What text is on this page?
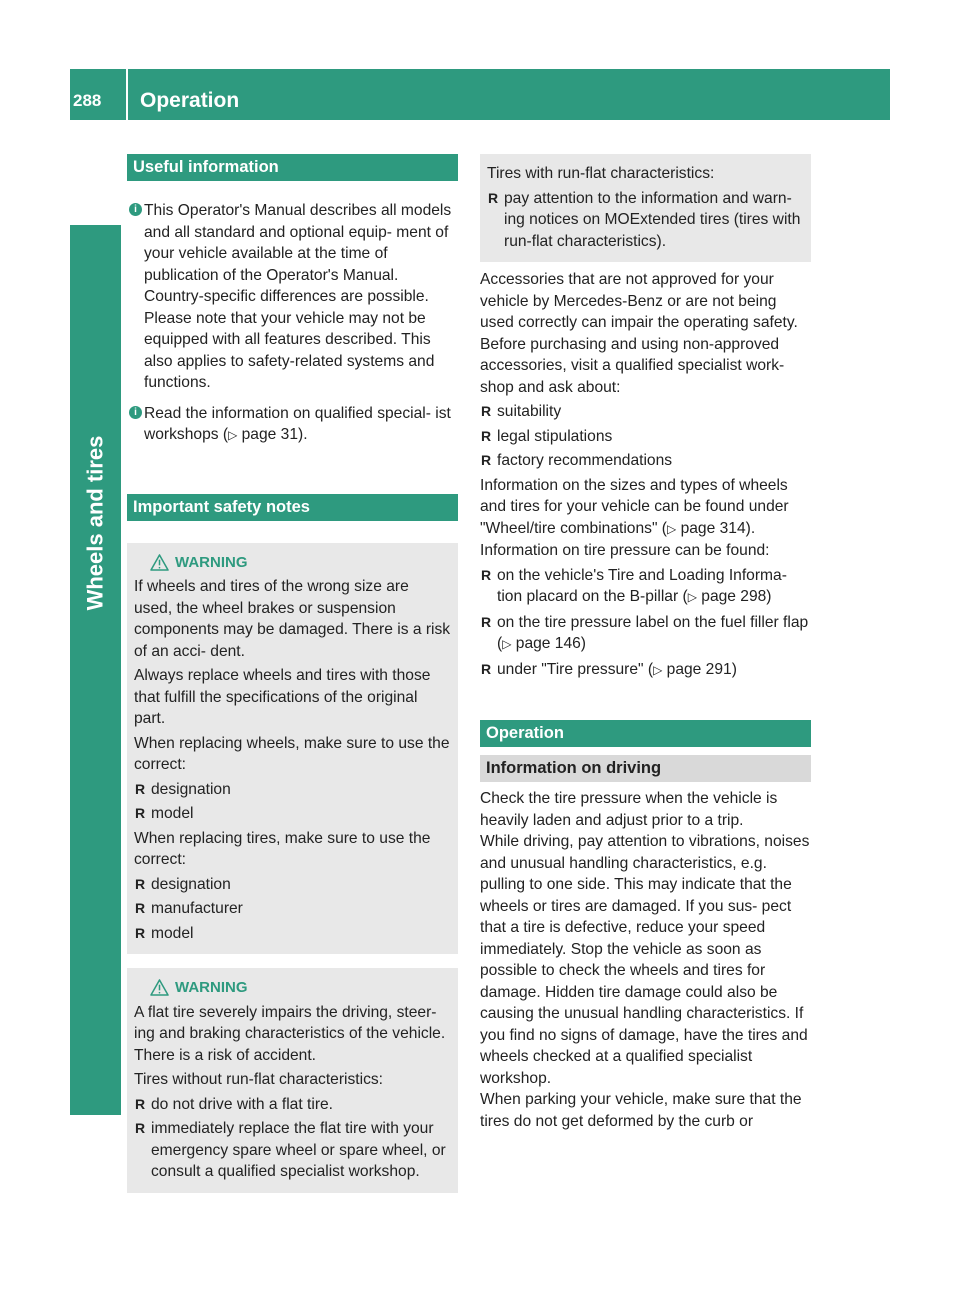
288	Operation
Wheels and tires
Useful information
i This Operator's Manual describes all models and all standard and optional equip- ment of your vehicle available at the time of publication of the Operator's Manual. Country-specific differences are possible. Please note that your vehicle may not be equipped with all features described. This also applies to safety-related systems and functions.
i Read the information on qualified special- ist workshops (▷ page 31).
Important safety notes
WARNING

If wheels and tires of the wrong size are used, the wheel brakes or suspension components may be damaged. There is a risk of an acci- dent.

Always replace wheels and tires with those that fulfill the specifications of the original part.

When replacing wheels, make sure to use the correct:

R designation
R model

When replacing tires, make sure to use the correct:

R designation
R manufacturer
R model
WARNING

A flat tire severely impairs the driving, steer- ing and braking characteristics of the vehicle. There is a risk of accident.

Tires without run-flat characteristics:

R do not drive with a flat tire.
R immediately replace the flat tire with your emergency spare wheel or spare wheel, or consult a qualified specialist workshop.

Tires with run-flat characteristics:

R pay attention to the information and warn- ing notices on MOExtended tires (tires with run-flat characteristics).

Accessories that are not approved for your vehicle by Mercedes-Benz or are not being used correctly can impair the operating safety.

Before purchasing and using non-approved accessories, visit a qualified specialist work- shop and ask about:

R suitability
R legal stipulations
R factory recommendations

Information on the sizes and types of wheels and tires for your vehicle can be found under "Wheel/tire combinations" (▷ page 314).

Information on tire pressure can be found:

R on the vehicle's Tire and Loading Informa- tion placard on the B-pillar (▷ page 298)
R on the tire pressure label on the fuel filler flap (▷ page 146)
R under "Tire pressure" (▷ page 291)
Operation
Information on driving

Check the tire pressure when the vehicle is heavily laden and adjust prior to a trip.

While driving, pay attention to vibrations, noises and unusual handling characteristics, e.g. pulling to one side. This may indicate that the wheels or tires are damaged. If you sus- pect that a tire is defective, reduce your speed immediately. Stop the vehicle as soon as possible to check the wheels and tires for damage. Hidden tire damage could also be causing the unusual handling characteristics. If you find no signs of damage, have the tires and wheels checked at a qualified specialist workshop.

When parking your vehicle, make sure that the tires do not get deformed by the curb or
